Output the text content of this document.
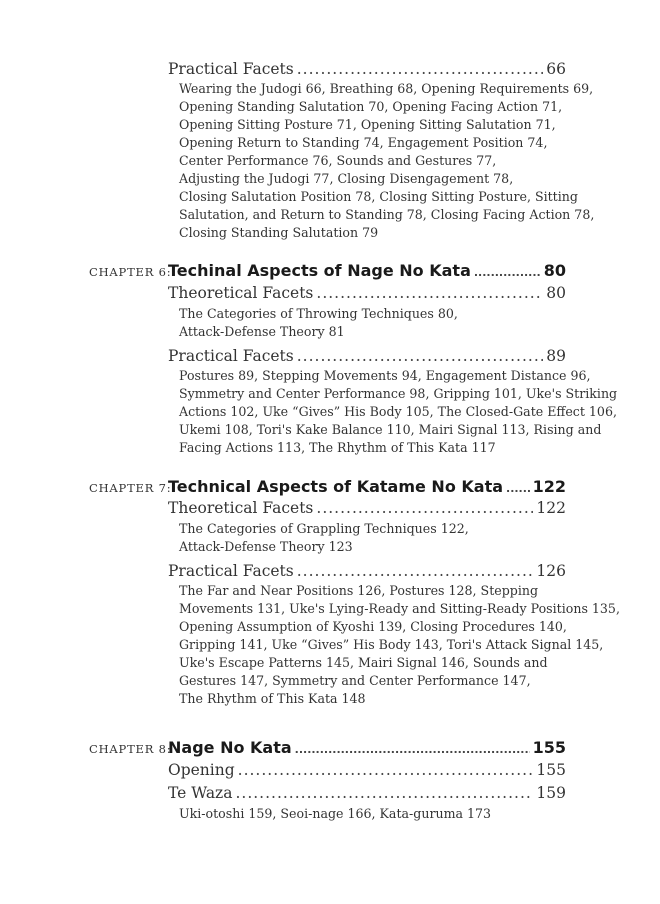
Practical Facets .....	66
Wearing the Judogi 66, Breathing 68, Opening Requirements 69,
Opening Standing Salutation 70, Opening Facing Action 71,
Opening Sitting Posture 71, Opening Sitting Salutation 71,
Opening Return to Standing 74, Engagement Position 74,
Center Performance 76, Sounds and Gestures 77,
Adjusting the Judogi 77, Closing Disengagement 78,
Closing Salutation Position 78, Closing Sitting Posture, Sitting
Salutation, and Return to Standing 78, Closing Facing Action 78,
Closing Standing Salutation 79
CHAPTER 6:
Techinal Aspects of Nage No Kata .....	80
Theoretical Facets .....	80
The Categories of Throwing Techniques 80,
Attack-Defense Theory 81
Practical Facets .....	89
Postures 89, Stepping Movements 94, Engagement Distance 96,
Symmetry and Center Performance 98, Gripping 101, Uke's Striking
Actions 102, Uke “Gives” His Body 105, The Closed-Gate Effect 106,
Ukemi 108, Tori's Kake Balance 110, Mairi Signal 113, Rising and
Facing Actions 113, The Rhythm of This Kata 117
CHAPTER 7:
Technical Aspects of Katame No Kata ..... 122
Theoretical Facets .....	122
The Categories of Grappling Techniques 122,
Attack-Defense Theory 123
Practical Facets .....	126
The Far and Near Positions 126, Postures 128, Stepping
Movements 131, Uke's Lying-Ready and Sitting-Ready Positions 135,
Opening Assumption of Kyoshi 139, Closing Procedures 140,
Gripping 141, Uke “Gives” His Body 143, Tori's Attack Signal 145,
Uke's Escape Patterns 145, Mairi Signal 146, Sounds and
Gestures 147, Symmetry and Center Performance 147,
The Rhythm of This Kata 148
CHAPTER 8:
Nage No Kata .....	155
Opening .....	155
Te Waza .....	159
Uki-otoshi 159, Seoi-nage 166, Kata-guruma 173
